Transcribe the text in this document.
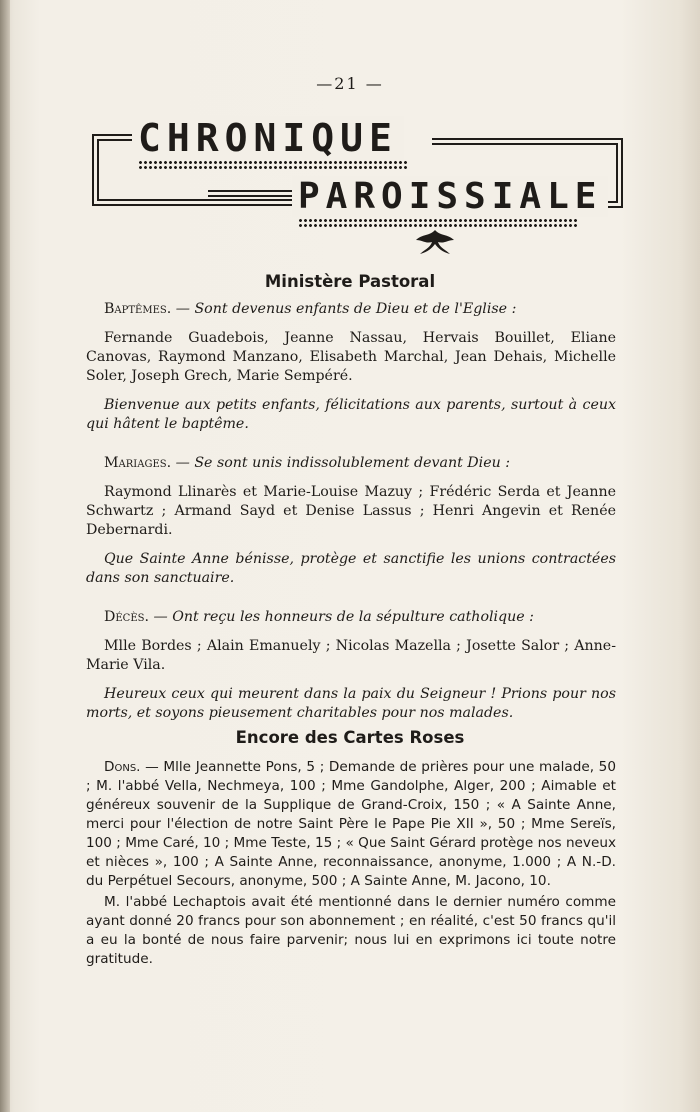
—21 —
CHRONIQUE
PAROISSIALE
Ministère Pastoral

Baptêmes. — Sont devenus enfants de Dieu et de l'Eglise :

Fernande Guadebois, Jeanne Nassau, Hervais Bouillet, Eliane Canovas, Raymond Manzano, Elisabeth Marchal, Jean Dehais, Michelle Soler, Joseph Grech, Marie Sempéré.

Bienvenue aux petits enfants, félicitations aux parents, surtout à ceux qui hâtent le baptême.

Mariages. — Se sont unis indissolublement devant Dieu :

Raymond Llinarès et Marie-Louise Mazuy ; Frédéric Serda et Jeanne Schwartz ; Armand Sayd et Denise Lassus ; Henri Angevin et Renée Debernardi.

Que Sainte Anne bénisse, protège et sanctifie les unions contractées dans son sanctuaire.

Décès. — Ont reçu les honneurs de la sépulture catholique :

Mlle Bordes ; Alain Emanuely ; Nicolas Mazella ; Josette Salor ; Anne-Marie Vila.

Heureux ceux qui meurent dans la paix du Seigneur ! Prions pour nos morts, et soyons pieusement charitables pour nos malades.

Encore des Cartes Roses

Dons. — Mlle Jeannette Pons, 5 ; Demande de prières pour une malade, 50 ; M. l'abbé Vella, Nechmeya, 100 ; Mme Gandolphe, Alger, 200 ; Aimable et généreux souvenir de la Supplique de Grand-Croix, 150 ; « A Sainte Anne, merci pour l'élection de notre Saint Père le Pape Pie XII », 50 ; Mme Sereïs, 100 ; Mme Caré, 10 ; Mme Teste, 15 ; « Que Saint Gérard protège nos neveux et nièces », 100 ; A Sainte Anne, reconnaissance, anonyme, 1.000 ; A N.-D. du Perpétuel Secours, anonyme, 500 ; A Sainte Anne, M. Jacono, 10.

M. l'abbé Lechaptois avait été mentionné dans le dernier numéro comme ayant donné 20 francs pour son abonnement ; en réalité, c'est 50 francs qu'il a eu la bonté de nous faire parvenir; nous lui en exprimons ici toute notre gratitude.
